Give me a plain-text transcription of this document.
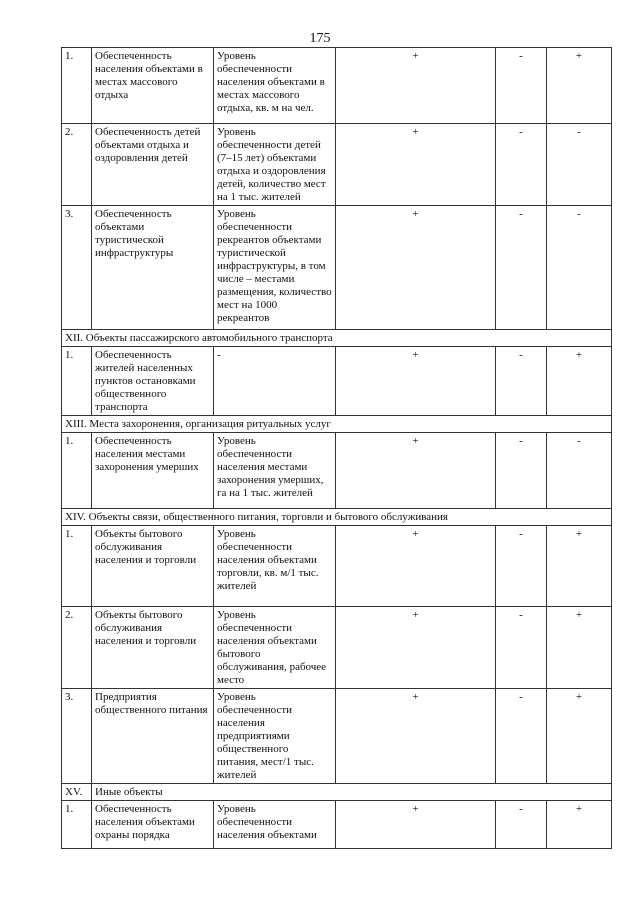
175
1.	Обеспеченность населения объектами в местах массового отдыха	Уровень обеспеченности населения объектами в местах массового отдыха, кв. м на чел.	+	-	+
2.	Обеспеченность детей объектами отдыха и оздоровления детей	Уровень обеспеченности детей (7–15 лет) объектами отдыха и оздоровления детей, количество мест на 1 тыс. жителей	+	-	-
3.	Обеспеченность объектами туристической инфраструктуры	Уровень обеспеченности рекреантов объектами туристической инфраструктуры, в том числе – местами размещения, количество мест на 1000 рекреантов	+	-	-
XII. Объекты пассажирского автомобильного транспорта					
1.	Обеспеченность жителей населенных пунктов остановками общественного транспорта	-	+	-	+
XIII. Места захоронения, организация ритуальных услуг					
1.	Обеспеченность населения местами захоронения умерших	Уровень обеспеченности населения местами захоронения умерших, га на 1 тыс. жителей	+	-	-
XIV. Объекты связи, общественного питания, торговли и бытового обслуживания					
1.	Объекты бытового обслуживания населения и торговли	Уровень обеспеченности населения объектами торговли, кв. м/1 тыс. жителей	+	-	+
2.	Объекты бытового обслуживания населения и торговли	Уровень обеспеченности населения объектами бытового обслуживания, рабочее место	+	-	+
3.	Предприятия общественного питания	Уровень обеспеченности населения предприятиями общественного питания, мест/1 тыс. жителей	+	-	+
XV.	Иные объекты				
1.	Обеспеченность населения объектами охраны порядка	Уровень обеспеченности населения объектами	+	-	+
